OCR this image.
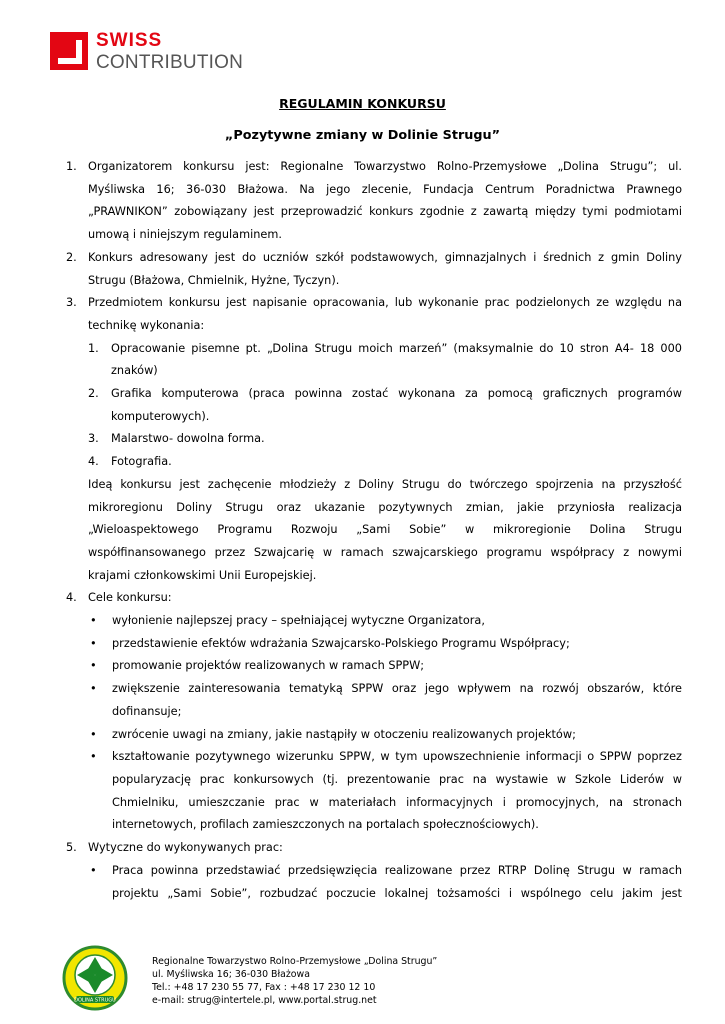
SWISS
CONTRIBUTION
REGULAMIN KONKURSU
„Pozytywne zmiany w Dolinie Strugu”
1. Organizatorem konkursu jest: Regionalne Towarzystwo Rolno-Przemysłowe „Dolina Strugu”; ul. Myśliwska 16; 36-030 Błażowa. Na jego zlecenie, Fundacja Centrum Poradnictwa Prawnego „PRAWNIKON” zobowiązany jest przeprowadzić konkurs zgodnie z zawartą między tymi podmiotami umową i niniejszym regulaminem.
2. Konkurs adresowany jest do uczniów szkół podstawowych, gimnazjalnych i średnich z gmin Doliny Strugu (Błażowa, Chmielnik, Hyżne, Tyczyn).
3. Przedmiotem konkursu jest napisanie opracowania, lub wykonanie prac podzielonych ze względu na technikę wykonania:
1. Opracowanie pisemne pt. „Dolina Strugu moich marzeń” (maksymalnie do 10 stron A4- 18 000 znaków)
2. Grafika komputerowa (praca powinna zostać wykonana za pomocą graficznych programów komputerowych).
3. Malarstwo- dowolna forma.
4. Fotografia.
Ideą konkursu jest zachęcenie młodzieży z Doliny Strugu do twórczego spojrzenia na przyszłość mikroregionu Doliny Strugu oraz ukazanie pozytywnych zmian, jakie przyniosła realizacja „Wieloaspektowego Programu Rozwoju „Sami Sobie” w mikroregionie Dolina Strugu współfinansowanego przez Szwajcarię w ramach szwajcarskiego programu współpracy z nowymi krajami członkowskimi Unii Europejskiej.
4. Cele konkursu:
• wyłonienie najlepszej pracy – spełniającej wytyczne Organizatora,
• przedstawienie efektów wdrażania Szwajcarsko-Polskiego Programu Współpracy;
• promowanie projektów realizowanych w ramach SPPW;
• zwiększenie zainteresowania tematyką SPPW oraz jego wpływem na rozwój obszarów, które dofinansuje;
• zwrócenie uwagi na zmiany, jakie nastąpiły w otoczeniu realizowanych projektów;
• kształtowanie pozytywnego wizerunku SPPW, w tym upowszechnienie informacji o SPPW poprzez popularyzację prac konkursowych (tj. prezentowanie prac na wystawie w Szkole Liderów w Chmielniku, umieszczanie prac w materiałach informacyjnych i promocyjnych, na stronach internetowych, profilach zamieszczonych na portalach społecznościowych).
5. Wytyczne do wykonywanych prac:
• Praca powinna przedstawiać przedsięwzięcia realizowane przez RTRP Dolinę Strugu w ramach projektu „Sami Sobie”, rozbudzać poczucie lokalnej tożsamości i wspólnego celu jakim jest
DOLINA STRUGU
Regionalne Towarzystwo Rolno-Przemysłowe „Dolina Strugu”
ul. Myśliwska 16; 36-030 Błażowa
Tel.: +48 17 230 55 77, Fax : +48 17 230 12 10
e-mail: strug@intertele.pl, www.portal.strug.net
